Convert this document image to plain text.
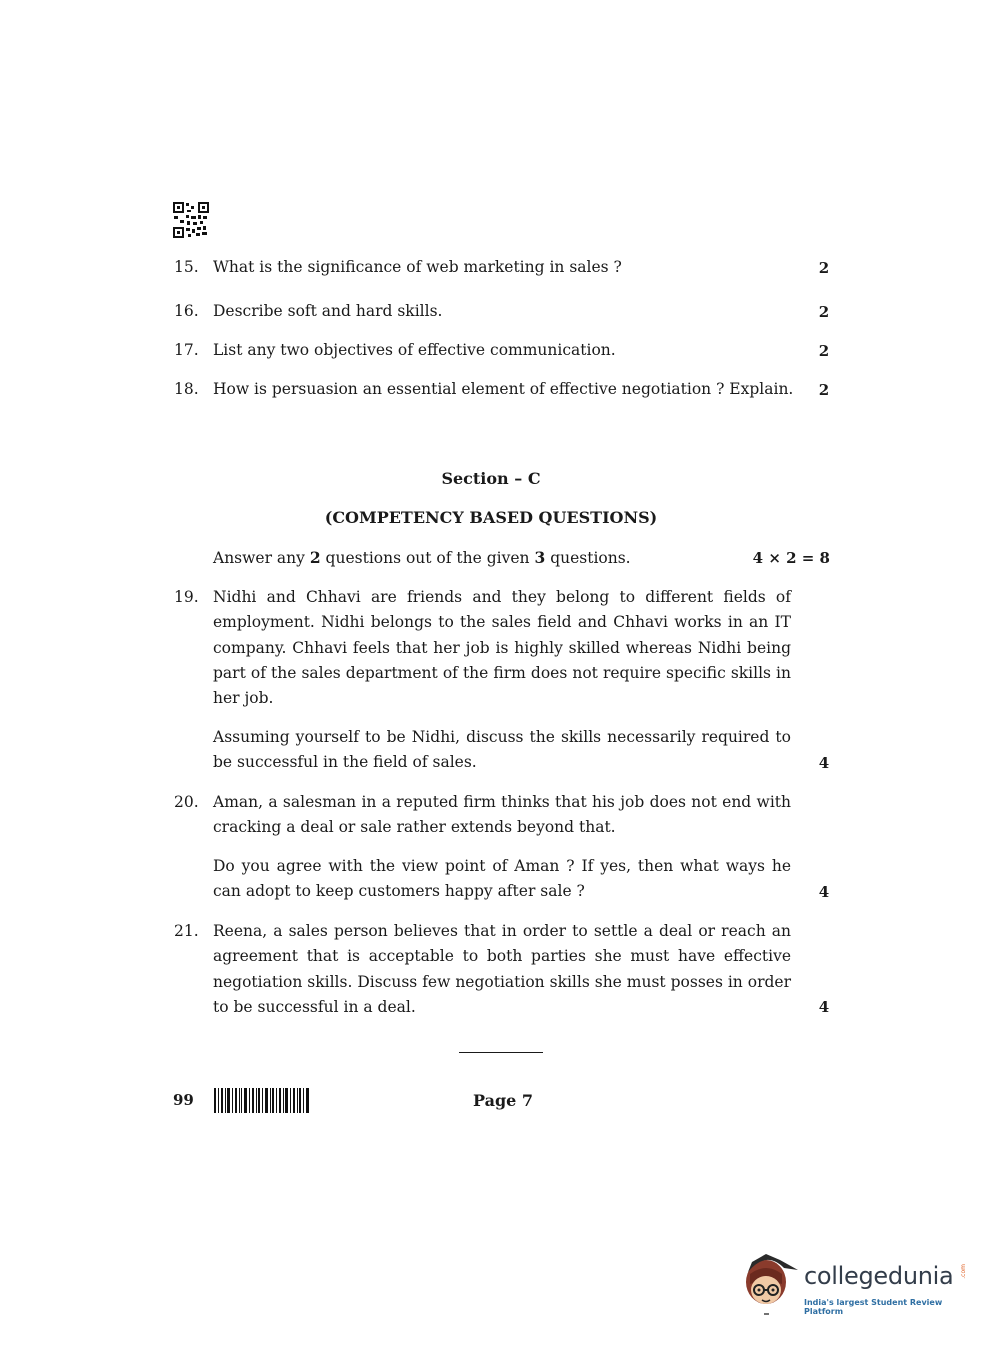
15. What is the significance of web marketing in sales ?	2
16. Describe soft and hard skills.	2
17. List any two objectives of effective communication.	2
18. How is persuasion an essential element of effective negotiation ? Explain.	2
Section – C
(COMPETENCY BASED QUESTIONS)
Answer any 2 questions out of the given 3 questions.	4 × 2 = 8
19. Nidhi and Chhavi are friends and they belong to different fields of employment. Nidhi belongs to the sales field and Chhavi works in an IT company. Chhavi feels that her job is highly skilled whereas Nidhi being part of the sales department of the firm does not require specific skills in her job.
Assuming yourself to be Nidhi, discuss the skills necessarily required to be successful in the field of sales.	4
20. Aman, a salesman in a reputed firm thinks that his job does not end with cracking a deal or sale rather extends beyond that.
Do you agree with the view point of Aman ? If yes, then what ways he can adopt to keep customers happy after sale ?	4
21. Reena, a sales person believes that in order to settle a deal or reach an agreement that is acceptable to both parties she must have effective negotiation skills. Discuss few negotiation skills she must posses in order to be successful in a deal.	4
99	Page 7
collegedunia .com
India's largest Student Review Platform
